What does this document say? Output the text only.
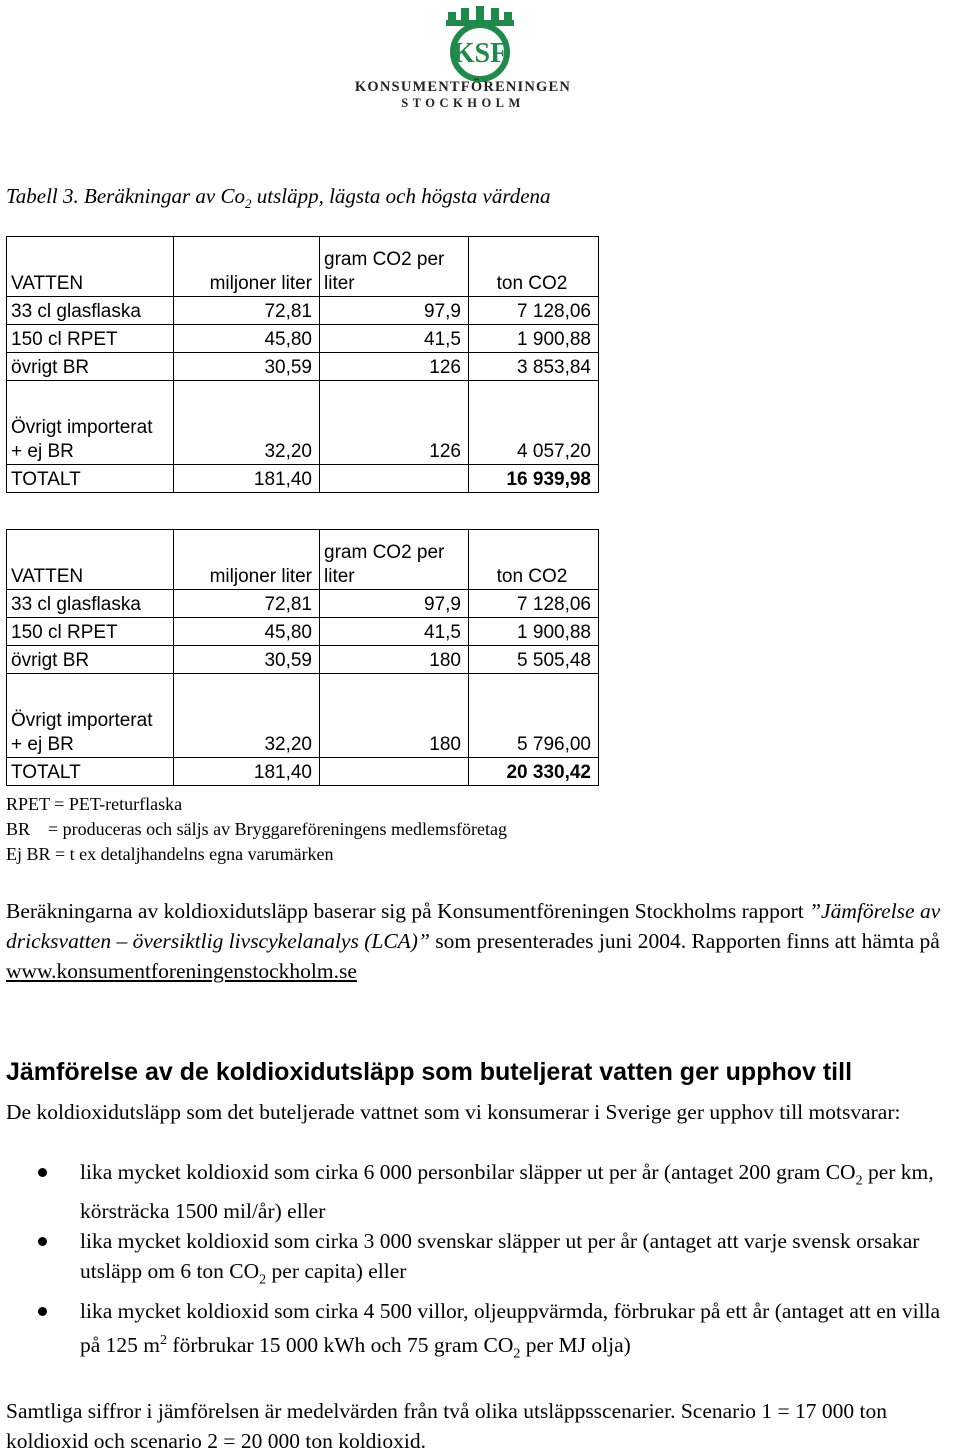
KSF
KONSUMENTFÖRENINGEN
STOCKHOLM
Tabell 3. Beräkningar av $Co_2$ utsläpp, lägsta och högsta värdena
VATTEN	miljoner liter	gram CO2 per liter	ton CO2
33 cl glasflaska	72,81	97,9	7 128,06
150 cl RPET	45,80	41,5	1 900,88
övrigt BR	30,59	126	3 853,84
Övrigt importerat + ej BR	32,20	126	4 057,20
TOTALT	181,40		16 939,98
VATTEN	miljoner liter	gram CO2 per liter	ton CO2
33 cl glasflaska	72,81	97,9	7 128,06
150 cl RPET	45,80	41,5	1 900,88
övrigt BR	30,59	180	5 505,48
Övrigt importerat + ej BR	32,20	180	5 796,00
TOTALT	181,40		20 330,42
RPET = PET-returflaska
BR    = produceras och säljs av Bryggareföreningens medlemsföretag
Ej BR = t ex detaljhandelns egna varumärken
Beräkningarna av koldioxidutsläpp baserar sig på Konsumentföreningen Stockholms rapport ”Jämförelse av dricksvatten – översiktlig livscykelanalys (LCA)” som presenterades juni 2004. Rapporten finns att hämta på www.konsumentforeningenstockholm.se
Jämförelse av de koldioxidutsläpp som buteljerat vatten ger upphov till
De koldioxidutsläpp som det buteljerade vattnet som vi konsumerar i Sverige ger upphov till motsvarar:
lika mycket koldioxid som cirka 6 000 personbilar släpper ut per år (antaget 200 gram $CO_2$ per km, körsträcka 1500 mil/år) eller
lika mycket koldioxid som cirka 3 000 svenskar släpper ut per år (antaget att varje svensk orsakar utsläpp om 6 ton $CO_2$ per capita) eller
lika mycket koldioxid som cirka 4 500 villor, oljeuppvärmda, förbrukar på ett år (antaget att en villa på 125 $m^2$ förbrukar 15 000 kWh och 75 gram $CO_2$ per MJ olja)
Samtliga siffror i jämförelsen är medelvärden från två olika utsläppsscenarier. Scenario 1 = 17 000 ton koldioxid och scenario 2 = 20 000 ton koldioxid.
